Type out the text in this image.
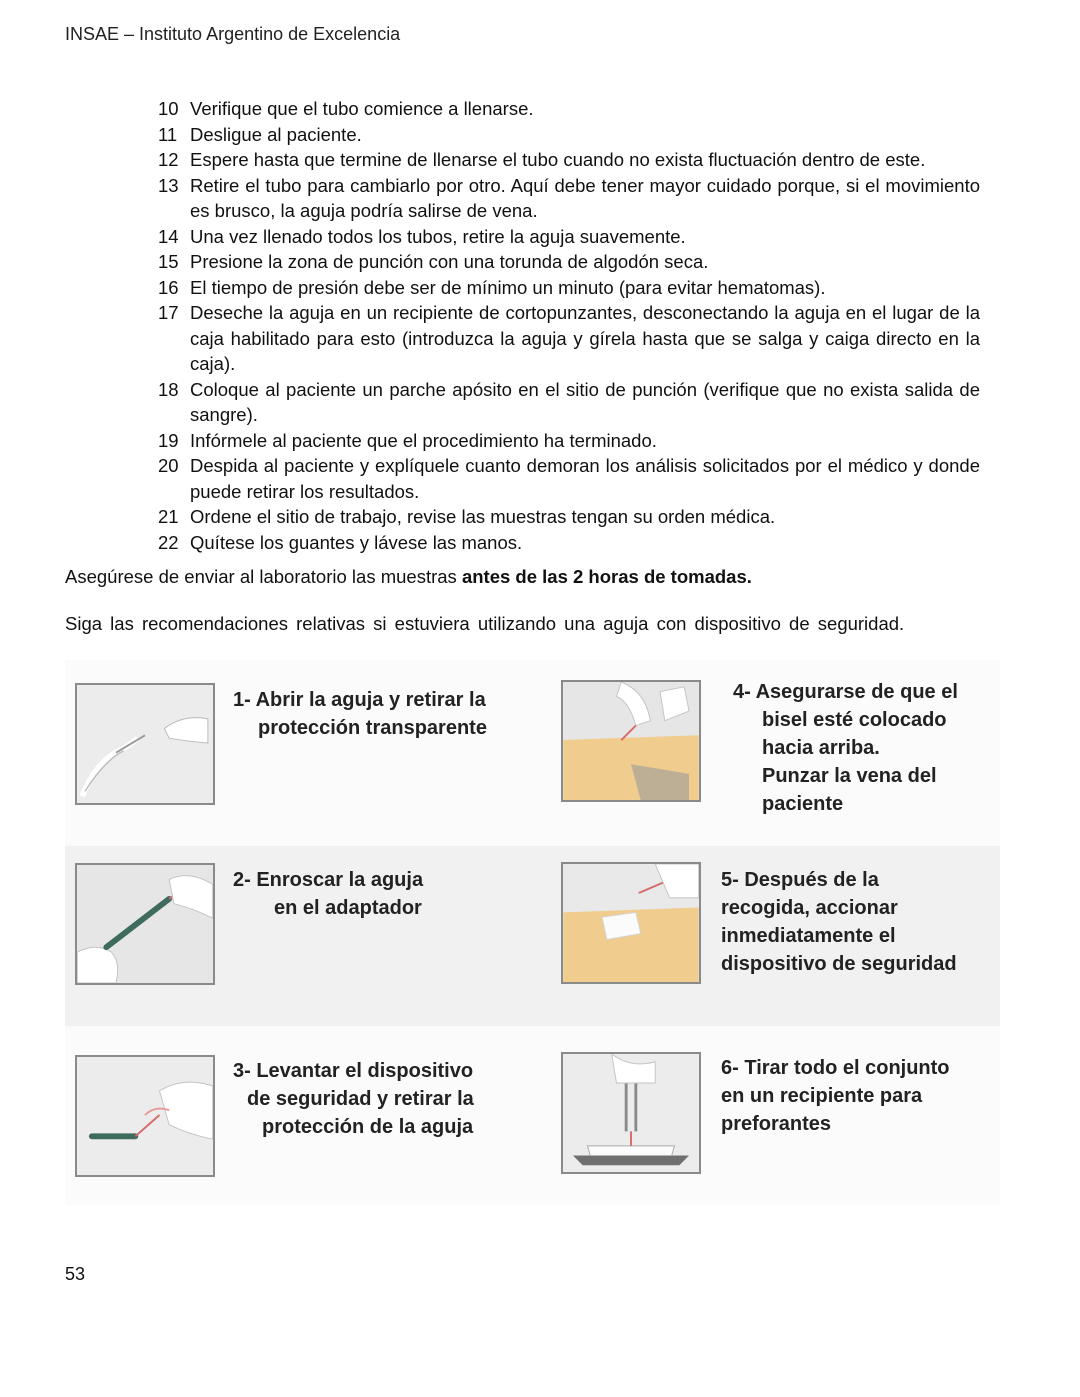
INSAE – Instituto Argentino de Excelencia
10 Verifique que el tubo comience a llenarse.
11 Desligue al paciente.
12 Espere hasta que termine de llenarse el tubo cuando no exista fluctuación dentro de este.
13 Retire el tubo para cambiarlo por otro. Aquí debe tener mayor cuidado porque, si el movimiento es brusco, la aguja podría salirse de vena.
14 Una vez llenado todos los tubos, retire la aguja suavemente.
15 Presione la zona de punción con una torunda de algodón seca.
16 El tiempo de presión debe ser de mínimo un minuto (para evitar hematomas).
17 Deseche la aguja en un recipiente de cortopunzantes, desconectando la aguja en el lugar de la caja habilitado para esto (introduzca la aguja y gírela hasta que se salga y caiga directo en la caja).
18 Coloque al paciente un parche apósito en el sitio de punción (verifique que no exista salida de sangre).
19 Infórmele al paciente que el procedimiento ha terminado.
20 Despida al paciente y explíquele cuanto demoran los análisis solicitados por el médico y donde puede retirar los resultados.
21 Ordene el sitio de trabajo, revise las muestras tengan su orden médica.
22 Quítese los guantes y lávese las manos.
Asegúrese de enviar al laboratorio las muestras antes de las 2 horas de tomadas.
Siga las recomendaciones relativas si estuviera utilizando una aguja con dispositivo de seguridad.
1- Abrir la aguja y retirar la
protección transparente
2- Enroscar la aguja
en el adaptador
3- Levantar el dispositivo
de seguridad y retirar la
protección de la aguja
4- Asegurarse de que el
bisel esté colocado
hacia arriba.
Punzar la vena del
paciente
5- Después de la
recogida, accionar
inmediatamente el
dispositivo de seguridad
6- Tirar todo el conjunto
en un recipiente para
preforantes
53
